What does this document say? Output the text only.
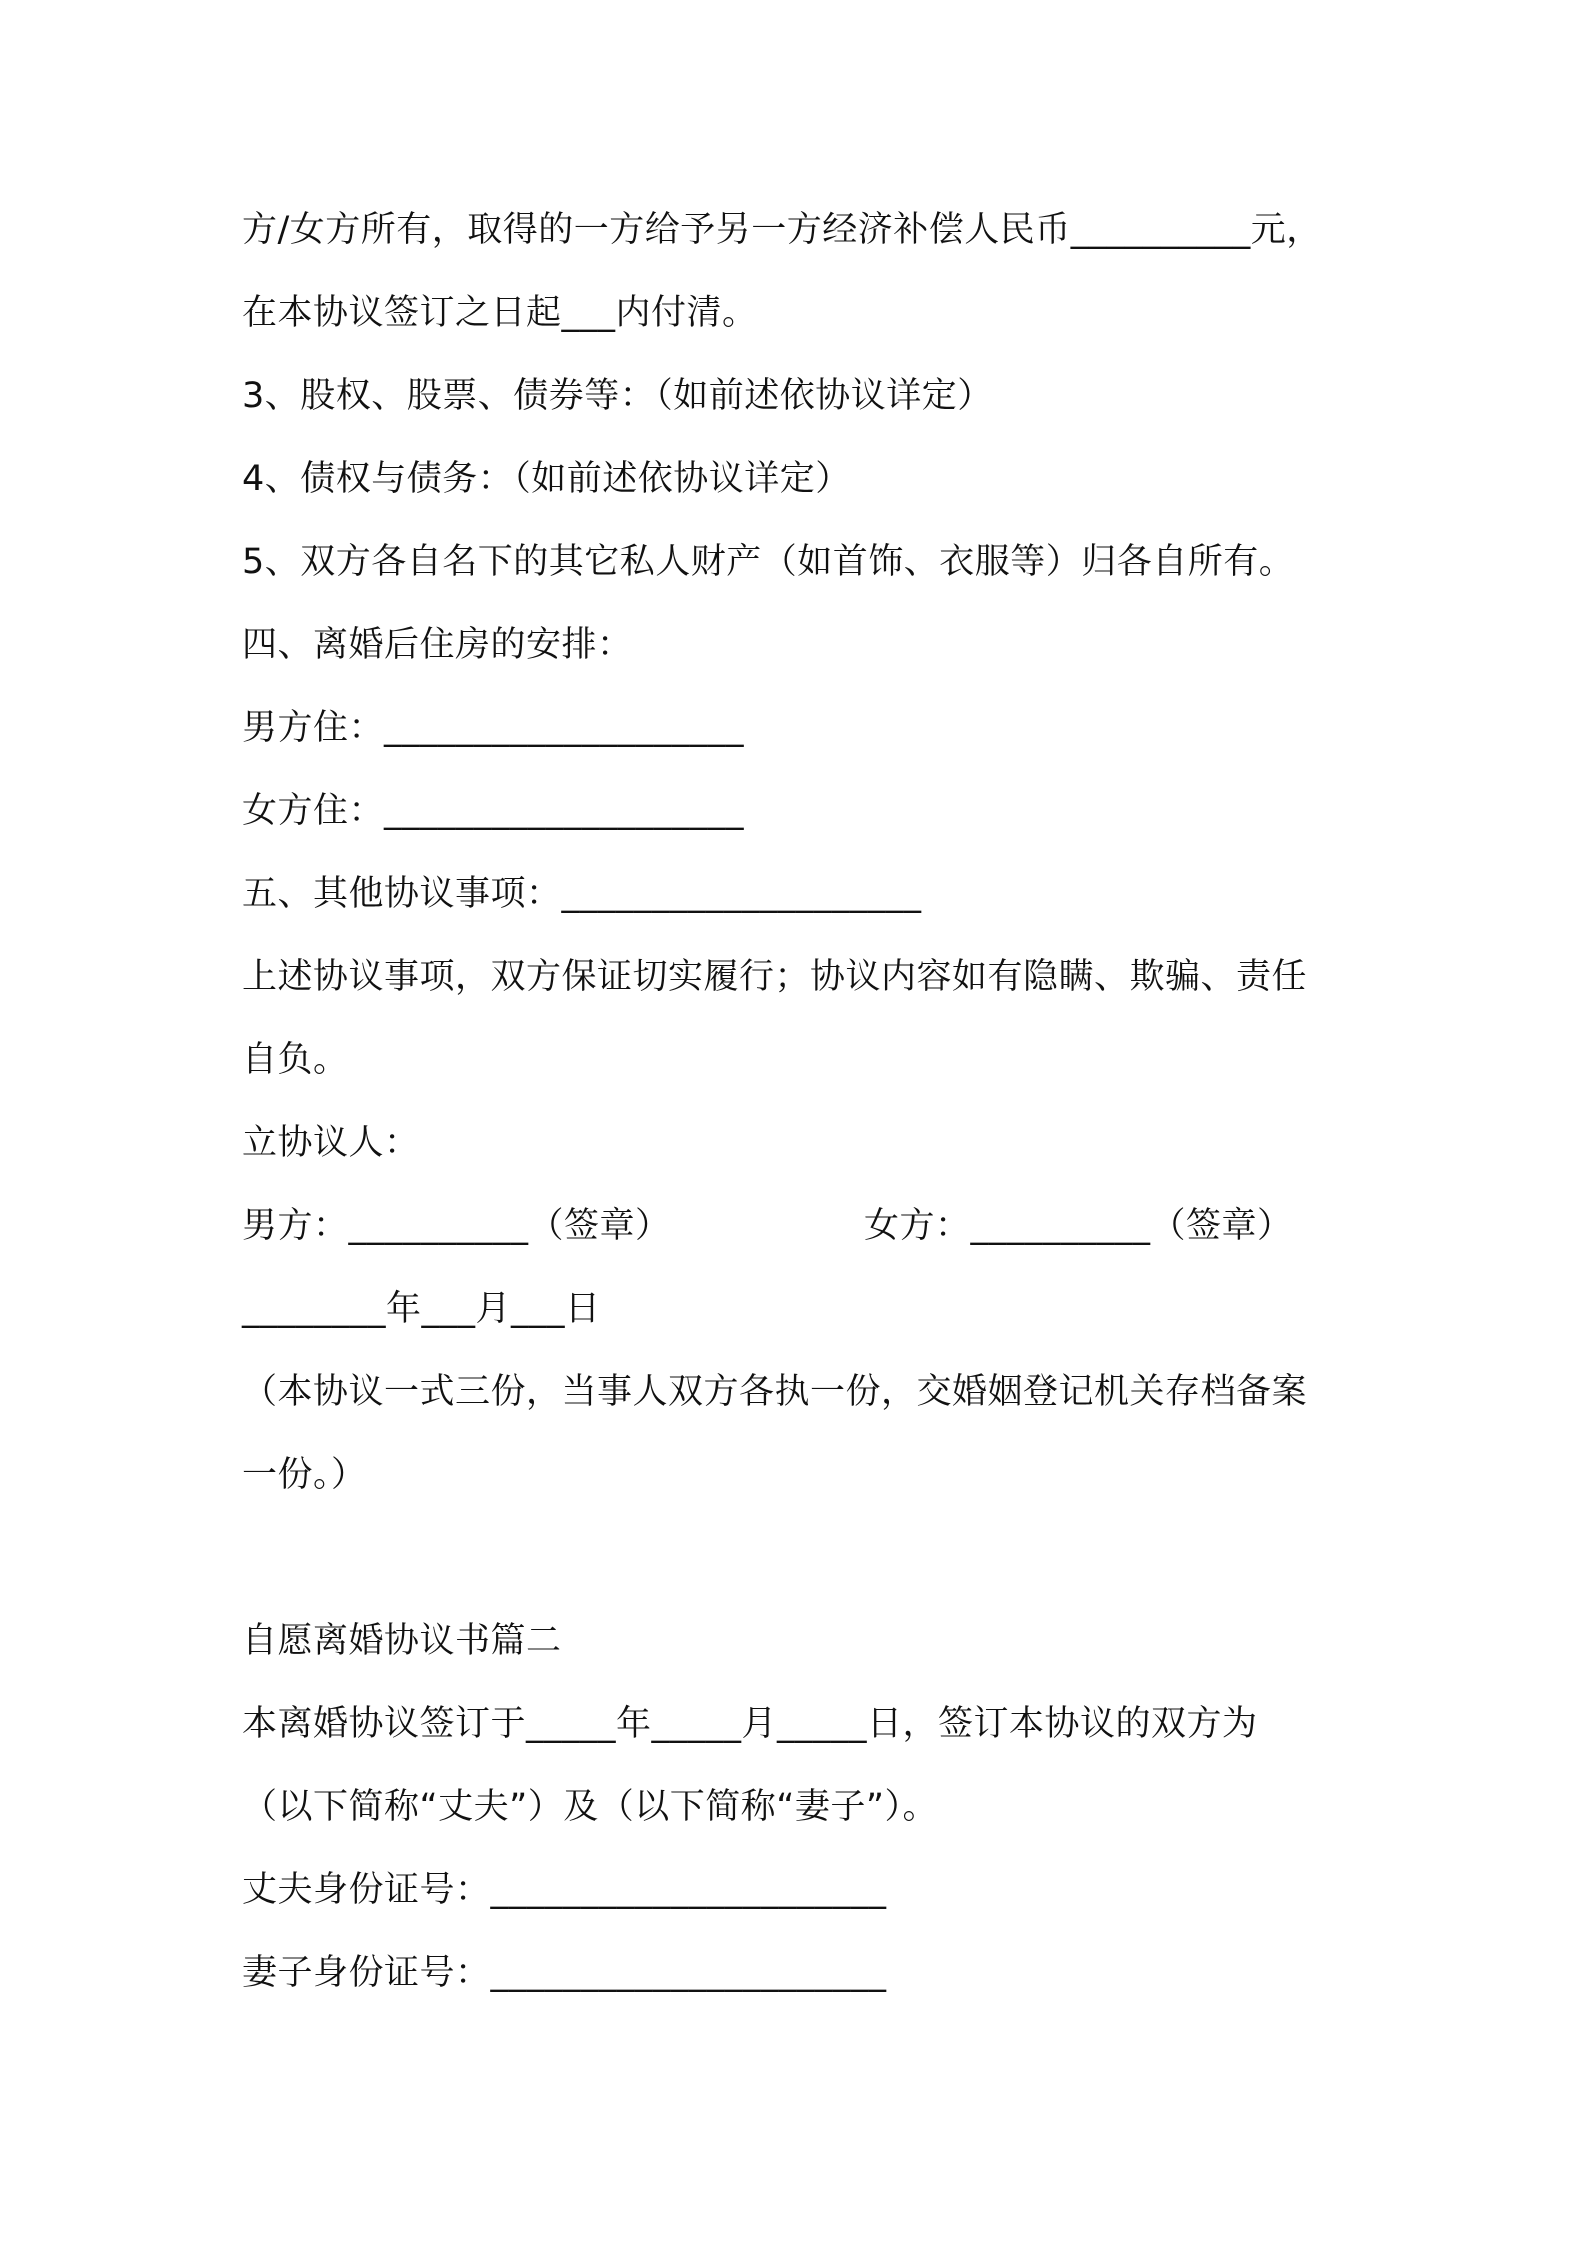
方/女方所有，取得的一方给予另一方经济补偿人民币__________元，
在本协议签订之日起___内付清。
3、股权、股票、债券等：（如前述依协议详定）
4、债权与债务：（如前述依协议详定）
5、双方各自名下的其它私人财产（如首饰、衣服等）归各自所有。
四、离婚后住房的安排：
男方住：____________________
女方住：____________________
五、其他协议事项：____________________
上述协议事项，双方保证切实履行；协议内容如有隐瞒、欺骗、责任
自负。
立协议人：
男方：__________（签章）	女方：__________（签章）
________年___月___日
（本协议一式三份，当事人双方各执一份，交婚姻登记机关存档备案
一份。）
自愿离婚协议书篇二
本离婚协议签订于_____年_____月_____日，签订本协议的双方为
（以下简称“丈夫”）及（以下简称“妻子”）。
丈夫身份证号：______________________
妻子身份证号：______________________
